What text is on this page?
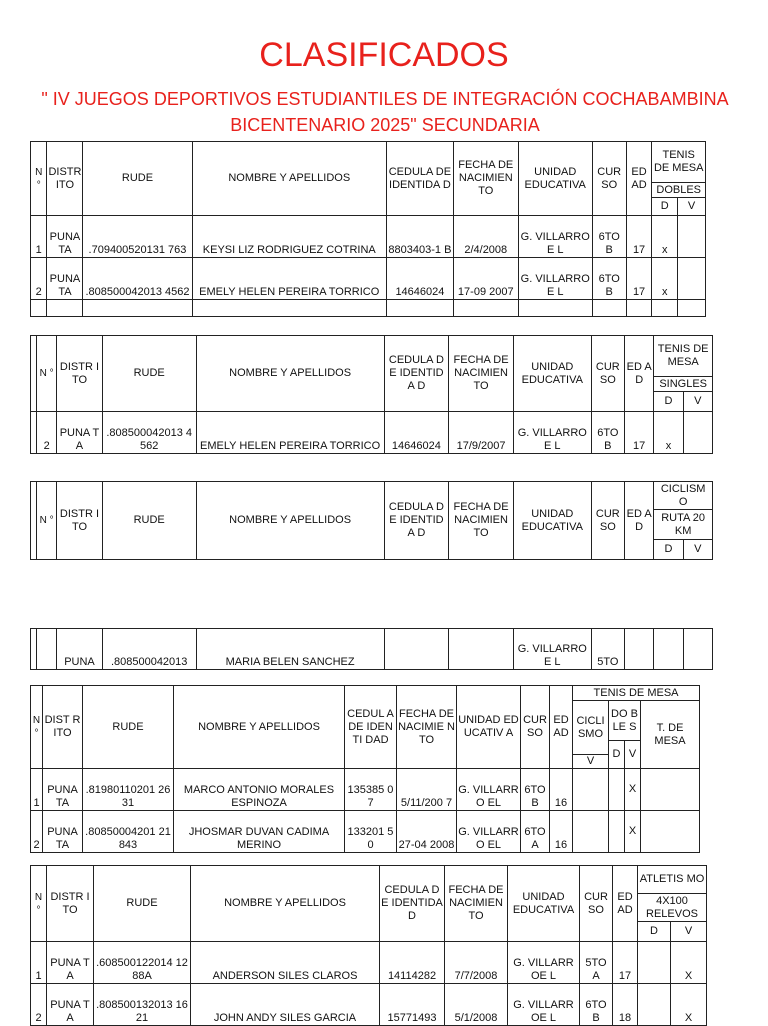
CLASIFICADOS
" IV JUEGOS DEPORTIVOS ESTUDIANTILES DE INTEGRACIÓN COCHABAMBINA
BICENTENARIO 2025" SECUNDARIA
N °	DISTR ITO	RUDE	NOMBRE Y APELLIDOS	CEDULA DE IDENTIDA D	FECHA DE NACIMIEN TO	UNIDAD EDUCATIVA	CUR SO	ED AD	TENIS DE MESA	
									DOBLES	
									D	V
1	PUNA TA	.709400520131 763	KEYSI LIZ RODRIGUEZ COTRINA	8803403-1 B	2/4/2008	G. VILLARROE L	6TO B	17	x	
2	PUNA TA	.808500042013 4562	EMELY HELEN PEREIRA TORRICO	14646024	17-09 2007	G. VILLARROE L	6TO B	17	x	

	N °	DISTR ITO	RUDE	NOMBRE Y APELLIDOS	CEDULA DE IDENTIDA D	FECHA DE NACIMIEN TO	UNIDAD EDUCATIVA	CUR SO	ED AD	TENIS DE MESA	
										SINGLES	
										D	V
	2	PUNA TA	.808500042013 4562	EMELY HELEN PEREIRA TORRICO	14646024	17/9/2007	G. VILLARROE L	6TO B	17	x	
	N °	DISTR ITO	RUDE	NOMBRE Y APELLIDOS	CEDULA DE IDENTIDA D	FECHA DE NACIMIEN TO	UNIDAD EDUCATIVA	CUR SO	ED AD	CICLISM O	
										RUTA 20 KM	
										D	V
		PUNA	.808500042013	MARIA BELEN SANCHEZ			G. VILLARROE L	5TO			
N °	DIST RITO	RUDE	NOMBRE Y APELLIDOS	CEDUL A DE IDENTI DAD	FECHA DE NACIMIE NTO	UNIDAD EDUCATIV A	CUR SO	ED AD	TENIS DE MESA			
									CICLI SMO	DO BLE S		T. DE MESA
										D	V	
									V			
1	PUNA TA	.81980110201 2631	MARCO ANTONIO MORALES ESPINOZA	135385 07	5/11/200 7	G. VILLARRO EL	6TO B	16			X	
2	PUNA TA	.80850004201 21843	JHOSMAR DUVAN CADIMA MERINO	133201 50	27-04 2008	G. VILLARRO EL	6TO A	16			X	
N °	DISTR ITO	RUDE	NOMBRE Y APELLIDOS	CEDULA DE IDENTIDA D	FECHA DE NACIMIEN TO	UNIDAD EDUCATIVA	CUR SO	ED AD	ATLETIS MO	
									4X100 RELEVOS	
									D	V
1	PUNA TA	.608500122014 1288A	ANDERSON SILES CLAROS	14114282	7/7/2008	G. VILLARROE L	5TO A	17		X
2	PUNA TA	.808500132013 1621	JOHN ANDY SILES GARCIA	15771493	5/1/2008	G. VILLARROE L	6TO B	18		X
